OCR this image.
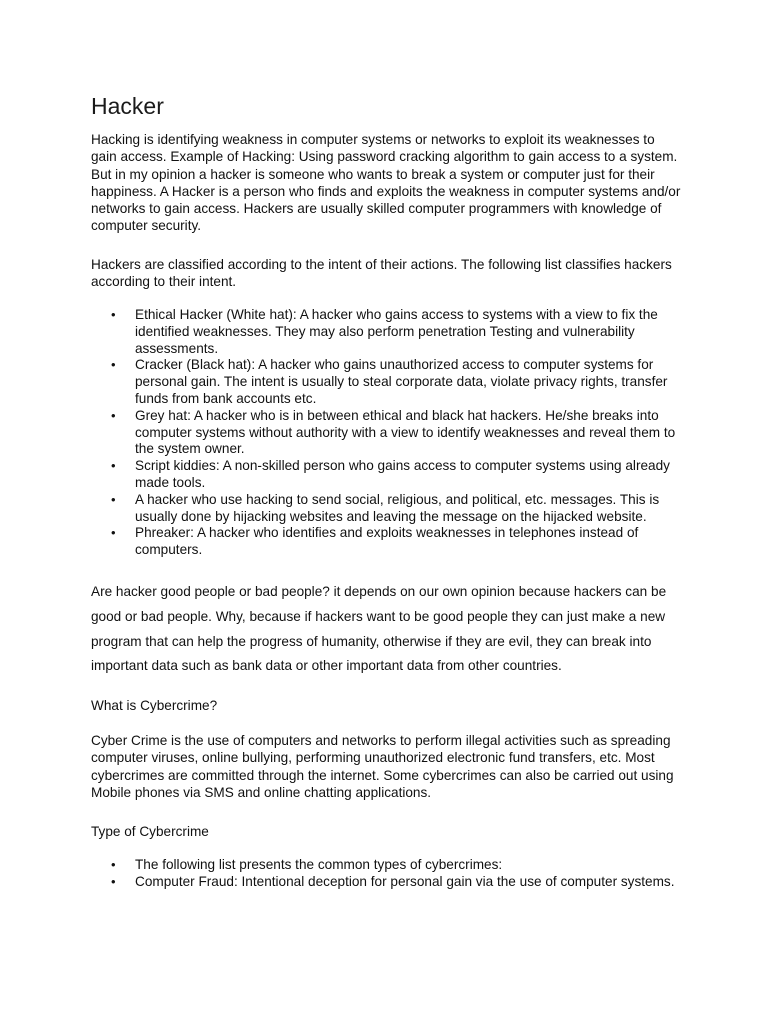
Hacker

Hacking is identifying weakness in computer systems or networks to exploit its weaknesses to gain access. Example of Hacking: Using password cracking algorithm to gain access to a system. But in my opinion a hacker is someone who wants to break a system or computer just for their happiness. A Hacker is a person who finds and exploits the weakness in computer systems and/or networks to gain access. Hackers are usually skilled computer programmers with knowledge of computer security.

Hackers are classified according to the intent of their actions. The following list classifies hackers according to their intent.

• Ethical Hacker (White hat): A hacker who gains access to systems with a view to fix the identified weaknesses. They may also perform penetration Testing and vulnerability assessments.
• Cracker (Black hat): A hacker who gains unauthorized access to computer systems for personal gain. The intent is usually to steal corporate data, violate privacy rights, transfer funds from bank accounts etc.
• Grey hat: A hacker who is in between ethical and black hat hackers. He/she breaks into computer systems without authority with a view to identify weaknesses and reveal them to the system owner.
• Script kiddies: A non-skilled person who gains access to computer systems using already made tools.
• A hacker who use hacking to send social, religious, and political, etc. messages. This is usually done by hijacking websites and leaving the message on the hijacked website.
• Phreaker: A hacker who identifies and exploits weaknesses in telephones instead of computers.

Are hacker good people or bad people? it depends on our own opinion because hackers can be good or bad people. Why, because if hackers want to be good people they can just make a new program that can help the progress of humanity, otherwise if they are evil, they can break into important data such as bank data or other important data from other countries.

What is Cybercrime?

Cyber Crime is the use of computers and networks to perform illegal activities such as spreading computer viruses, online bullying, performing unauthorized electronic fund transfers, etc. Most cybercrimes are committed through the internet. Some cybercrimes can also be carried out using Mobile phones via SMS and online chatting applications.

Type of Cybercrime
• The following list presents the common types of cybercrimes:
• Computer Fraud: Intentional deception for personal gain via the use of computer systems.
